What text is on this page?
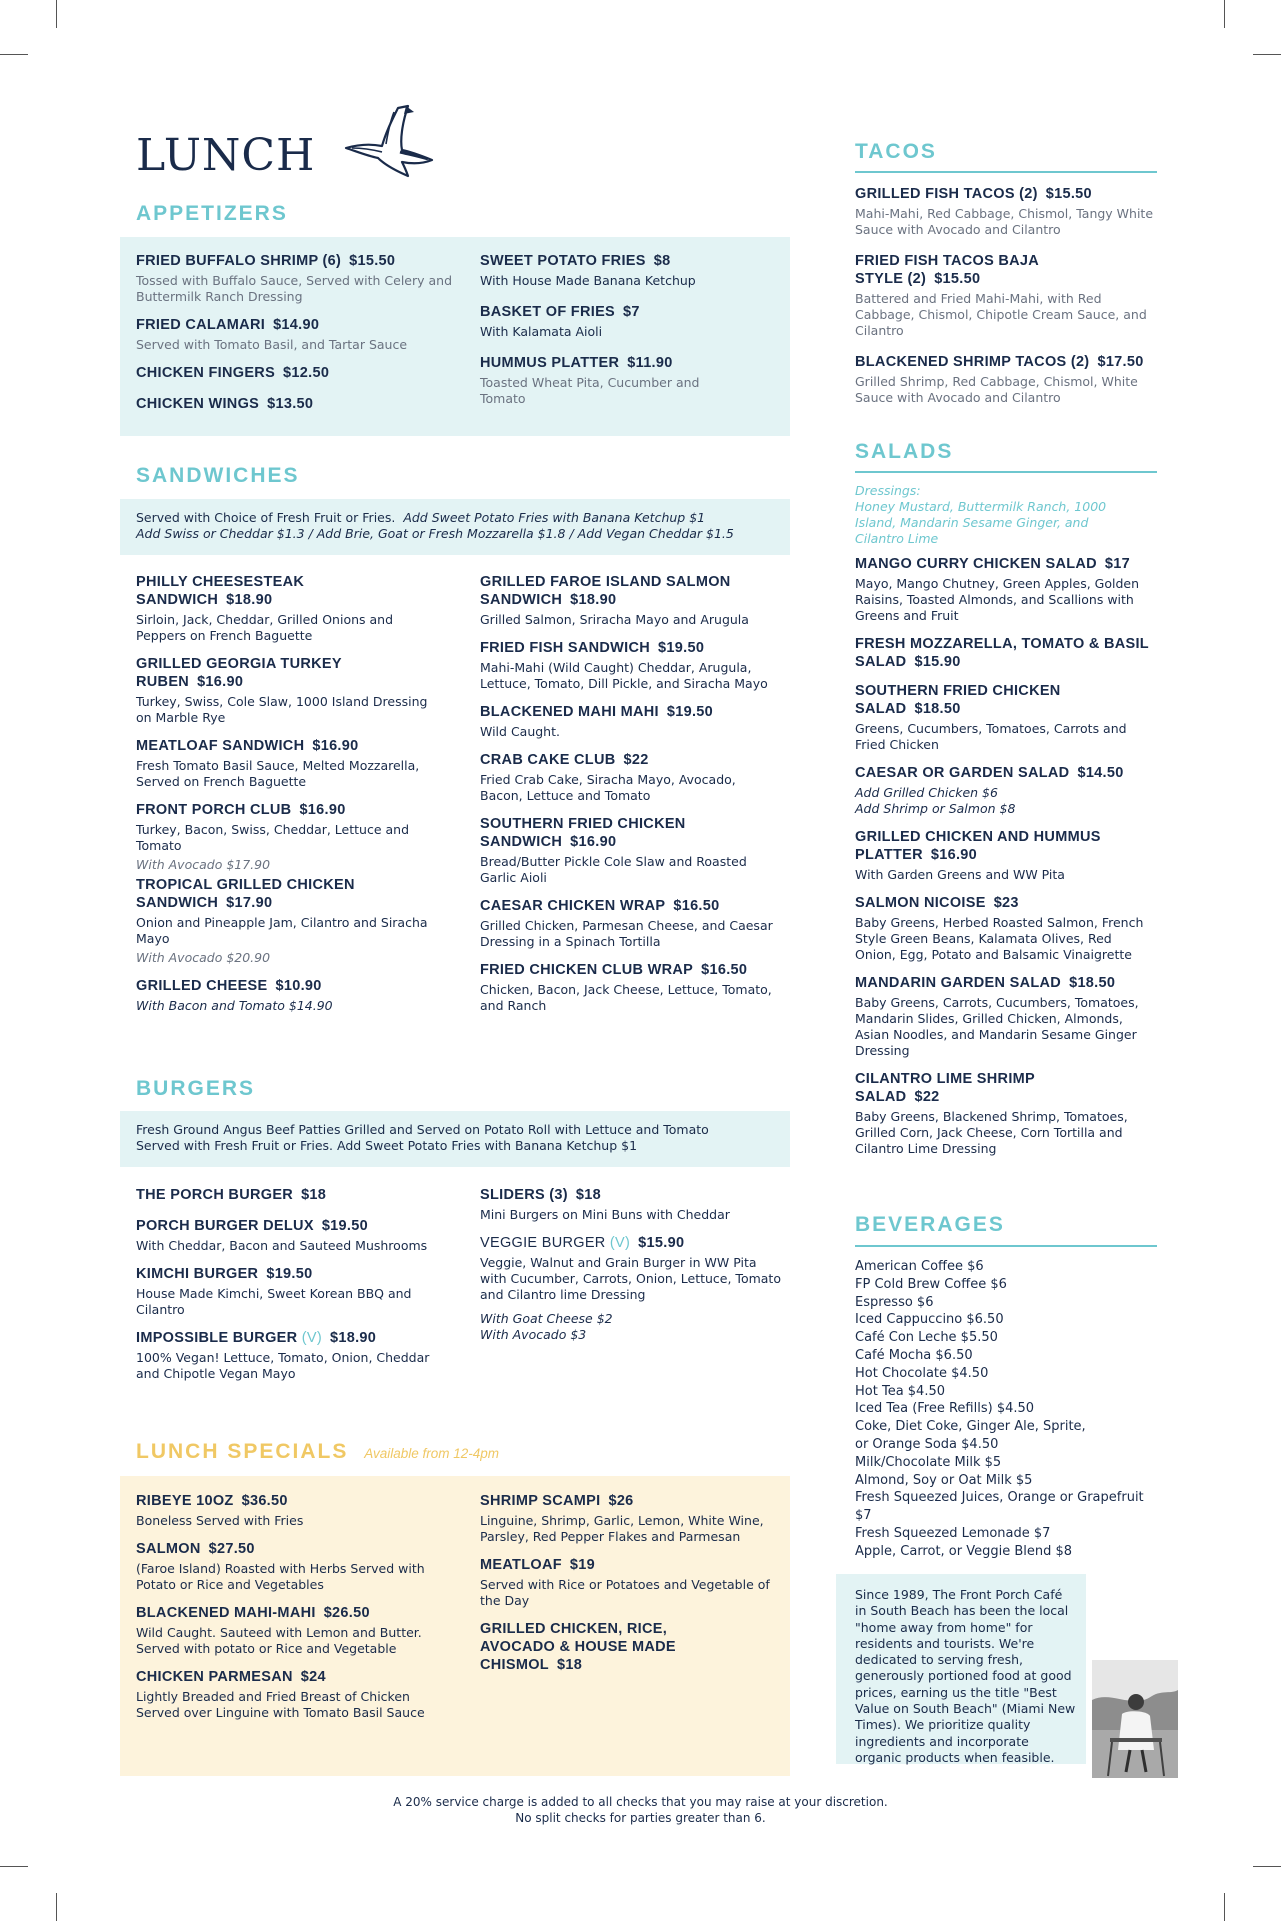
LUNCH
APPETIZERS
FRIED BUFFALO SHRIMP (6) $15.50
Tossed with Buffalo Sauce, Served with Celery and Buttermilk Ranch Dressing
FRIED CALAMARI $14.90
Served with Tomato Basil, and Tartar Sauce
CHICKEN FINGERS $12.50
CHICKEN WINGS $13.50
SWEET POTATO FRIES $8
With House Made Banana Ketchup
BASKET OF FRIES $7
With Kalamata Aioli
HUMMUS PLATTER $11.90
Toasted Wheat Pita, Cucumber and Tomato
SANDWICHES
Served with Choice of Fresh Fruit or Fries. Add Sweet Potato Fries with Banana Ketchup $1
Add Swiss or Cheddar $1.3 / Add Brie, Goat or Fresh Mozzarella $1.8 / Add Vegan Cheddar $1.5
PHILLY CHEESESTEAK SANDWICH $18.90
Sirloin, Jack, Cheddar, Grilled Onions and Peppers on French Baguette
GRILLED GEORGIA TURKEY RUBEN $16.90
Turkey, Swiss, Cole Slaw, 1000 Island Dressing on Marble Rye
MEATLOAF SANDWICH $16.90
Fresh Tomato Basil Sauce, Melted Mozzarella, Served on French Baguette
FRONT PORCH CLUB $16.90
Turkey, Bacon, Swiss, Cheddar, Lettuce and Tomato
With Avocado $17.90
TROPICAL GRILLED CHICKEN SANDWICH $17.90
Onion and Pineapple Jam, Cilantro and Siracha Mayo
With Avocado $20.90
GRILLED CHEESE $10.90
With Bacon and Tomato $14.90
GRILLED FAROE ISLAND SALMON SANDWICH $18.90
Grilled Salmon, Sriracha Mayo and Arugula
FRIED FISH SANDWICH $19.50
Mahi-Mahi (Wild Caught) Cheddar, Arugula, Lettuce, Tomato, Dill Pickle, and Siracha Mayo
BLACKENED MAHI MAHI $19.50
Wild Caught.
CRAB CAKE CLUB $22
Fried Crab Cake, Siracha Mayo, Avocado, Bacon, Lettuce and Tomato
SOUTHERN FRIED CHICKEN SANDWICH $16.90
Bread/Butter Pickle Cole Slaw and Roasted Garlic Aioli
CAESAR CHICKEN WRAP $16.50
Grilled Chicken, Parmesan Cheese, and Caesar Dressing in a Spinach Tortilla
FRIED CHICKEN CLUB WRAP $16.50
Chicken, Bacon, Jack Cheese, Lettuce, Tomato, and Ranch
BURGERS
Fresh Ground Angus Beef Patties Grilled and Served on Potato Roll with Lettuce and Tomato
Served with Fresh Fruit or Fries. Add Sweet Potato Fries with Banana Ketchup $1
THE PORCH BURGER $18
PORCH BURGER DELUX $19.50
With Cheddar, Bacon and Sauteed Mushrooms
KIMCHI BURGER $19.50
House Made Kimchi, Sweet Korean BBQ and Cilantro
IMPOSSIBLE BURGER (V) $18.90
100% Vegan! Lettuce, Tomato, Onion, Cheddar and Chipotle Vegan Mayo
SLIDERS (3) $18
Mini Burgers on Mini Buns with Cheddar
VEGGIE BURGER (V) $15.90
Veggie, Walnut and Grain Burger in WW Pita with Cucumber, Carrots, Onion, Lettuce, Tomato and Cilantro lime Dressing
With Goat Cheese $2
With Avocado $3
LUNCH SPECIALS Available from 12-4pm
RIBEYE 10OZ $36.50
Boneless Served with Fries
SALMON $27.50
(Faroe Island) Roasted with Herbs Served with Potato or Rice and Vegetables
BLACKENED MAHI-MAHI $26.50
Wild Caught. Sauteed with Lemon and Butter. Served with potato or Rice and Vegetable
CHICKEN PARMESAN $24
Lightly Breaded and Fried Breast of Chicken Served over Linguine with Tomato Basil Sauce
SHRIMP SCAMPI $26
Linguine, Shrimp, Garlic, Lemon, White Wine, Parsley, Red Pepper Flakes and Parmesan
MEATLOAF $19
Served with Rice or Potatoes and Vegetable of the Day
GRILLED CHICKEN, RICE, AVOCADO & HOUSE MADE CHISMOL $18
TACOS
GRILLED FISH TACOS (2) $15.50
Mahi-Mahi, Red Cabbage, Chismol, Tangy White Sauce with Avocado and Cilantro
FRIED FISH TACOS BAJA STYLE (2) $15.50
Battered and Fried Mahi-Mahi, with Red Cabbage, Chismol, Chipotle Cream Sauce, and Cilantro
BLACKENED SHRIMP TACOS (2) $17.50
Grilled Shrimp, Red Cabbage, Chismol, White Sauce with Avocado and Cilantro
SALADS
Dressings:
Honey Mustard, Buttermilk Ranch, 1000 Island, Mandarin Sesame Ginger, and Cilantro Lime
MANGO CURRY CHICKEN SALAD $17
Mayo, Mango Chutney, Green Apples, Golden Raisins, Toasted Almonds, and Scallions with Greens and Fruit
FRESH MOZZARELLA, TOMATO & BASIL SALAD $15.90
SOUTHERN FRIED CHICKEN SALAD $18.50
Greens, Cucumbers, Tomatoes, Carrots and Fried Chicken
CAESAR OR GARDEN SALAD $14.50
Add Grilled Chicken $6
Add Shrimp or Salmon $8
GRILLED CHICKEN AND HUMMUS PLATTER $16.90
With Garden Greens and WW Pita
SALMON NICOISE $23
Baby Greens, Herbed Roasted Salmon, French Style Green Beans, Kalamata Olives, Red Onion, Egg, Potato and Balsamic Vinaigrette
MANDARIN GARDEN SALAD $18.50
Baby Greens, Carrots, Cucumbers, Tomatoes, Mandarin Slides, Grilled Chicken, Almonds, Asian Noodles, and Mandarin Sesame Ginger Dressing
CILANTRO LIME SHRIMP SALAD $22
Baby Greens, Blackened Shrimp, Tomatoes, Grilled Corn, Jack Cheese, Corn Tortilla and Cilantro Lime Dressing
BEVERAGES
American Coffee $6
FP Cold Brew Coffee $6
Espresso $6
Iced Cappuccino $6.50
Café Con Leche $5.50
Café Mocha $6.50
Hot Chocolate $4.50
Hot Tea $4.50
Iced Tea (Free Refills) $4.50
Coke, Diet Coke, Ginger Ale, Sprite,
or Orange Soda $4.50
Milk/Chocolate Milk $5
Almond, Soy or Oat Milk $5
Fresh Squeezed Juices, Orange or Grapefruit
$7
Fresh Squeezed Lemonade $7
Apple, Carrot, or Veggie Blend $8
Since 1989, The Front Porch Café in South Beach has been the local "home away from home" for residents and tourists. We're dedicated to serving fresh, generously portioned food at good prices, earning us the title "Best Value on South Beach" (Miami New Times). We prioritize quality ingredients and incorporate organic products when feasible.
A 20% service charge is added to all checks that you may raise at your discretion.
No split checks for parties greater than 6.
